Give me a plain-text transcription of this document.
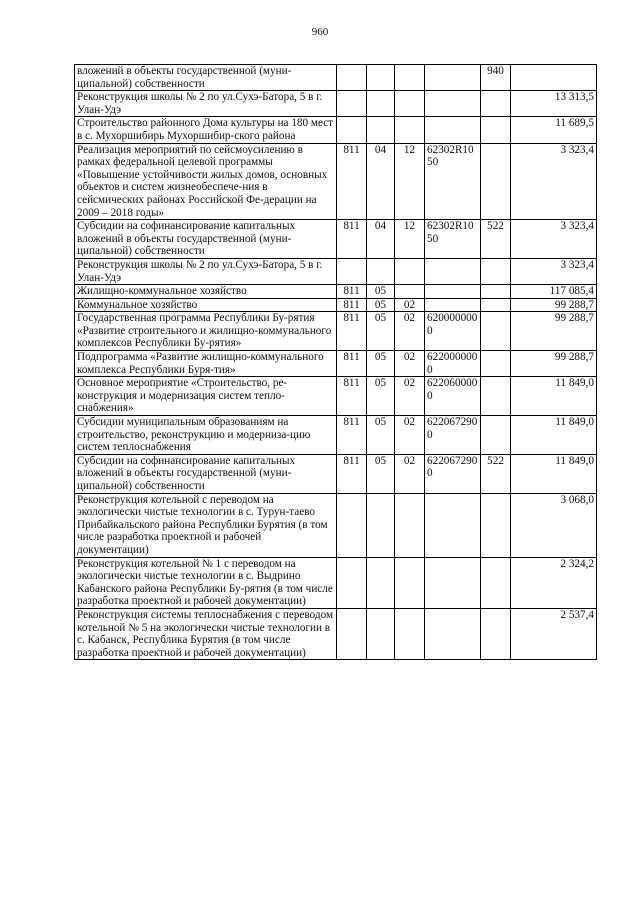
960
вложений в объекты государственной (муни-ципальной) собственности					940	
Реконструкция школы № 2 по ул.Сухэ-Батора, 5 в г. Улан-Удэ						13 313,5
Строительство районного Дома культуры на 180 мест в с. Мухоршибирь Мухоршибир-ского района						11 689,5
Реализация мероприятий по сейсмоусилению в рамках федеральной целевой программы «Повышение устойчивости жилых домов, основных объектов и систем жизнеобеспече-ния в сейсмических районах Российской Фе-дерации на 2009 – 2018 годы»	811	04	12	62302R1050		3 323,4
Субсидии на софинансирование капитальных вложений в объекты государственной (муни-ципальной) собственности	811	04	12	62302R1050	522	3 323,4
Реконструкция школы № 2 по ул.Сухэ-Батора, 5 в г. Улан-Удэ						3 323,4
Жилищно-коммунальное хозяйство	811	05				117 085,4
Коммунальное хозяйство	811	05	02			99 288,7
Государственная программа Республики Бу-рятия «Развитие строительного и жилищно-коммунального комплексов Республики Бу-рятия»	811	05	02	6200000000		99 288,7
Подпрограмма «Развитие жилищно-коммунального комплекса Республики Буря-тия»	811	05	02	6220000000		99 288,7
Основное мероприятие «Строительство, ре-конструкция и модернизация систем тепло-снабжения»	811	05	02	6220600000		11 849,0
Субсидии муниципальным образованиям на строительство, реконструкцию и модерниза-цию систем теплоснабжения	811	05	02	6220672900		11 849,0
Субсидии на софинансирование капитальных вложений в объекты государственной (муни-ципальной) собственности	811	05	02	6220672900	522	11 849,0
Реконструкция котельной с переводом на экологически чистые технологии в с. Турун-таево Прибайкальского района Республики Бурятия (в том числе разработка проектной и рабочей документации)						3 068,0
Реконструкция котельной № 1 с переводом на экологически чистые технологии в с. Выдрино Кабанского района Республики Бу-рятия (в том числе разработка проектной и рабочей документации)						2 324,2
Реконструкция системы теплоснабжения с переводом котельной № 5 на экологически чистые технологии в с. Кабанск, Республика Бурятия (в том числе разработка проектной и рабочей документации)						2 537,4
